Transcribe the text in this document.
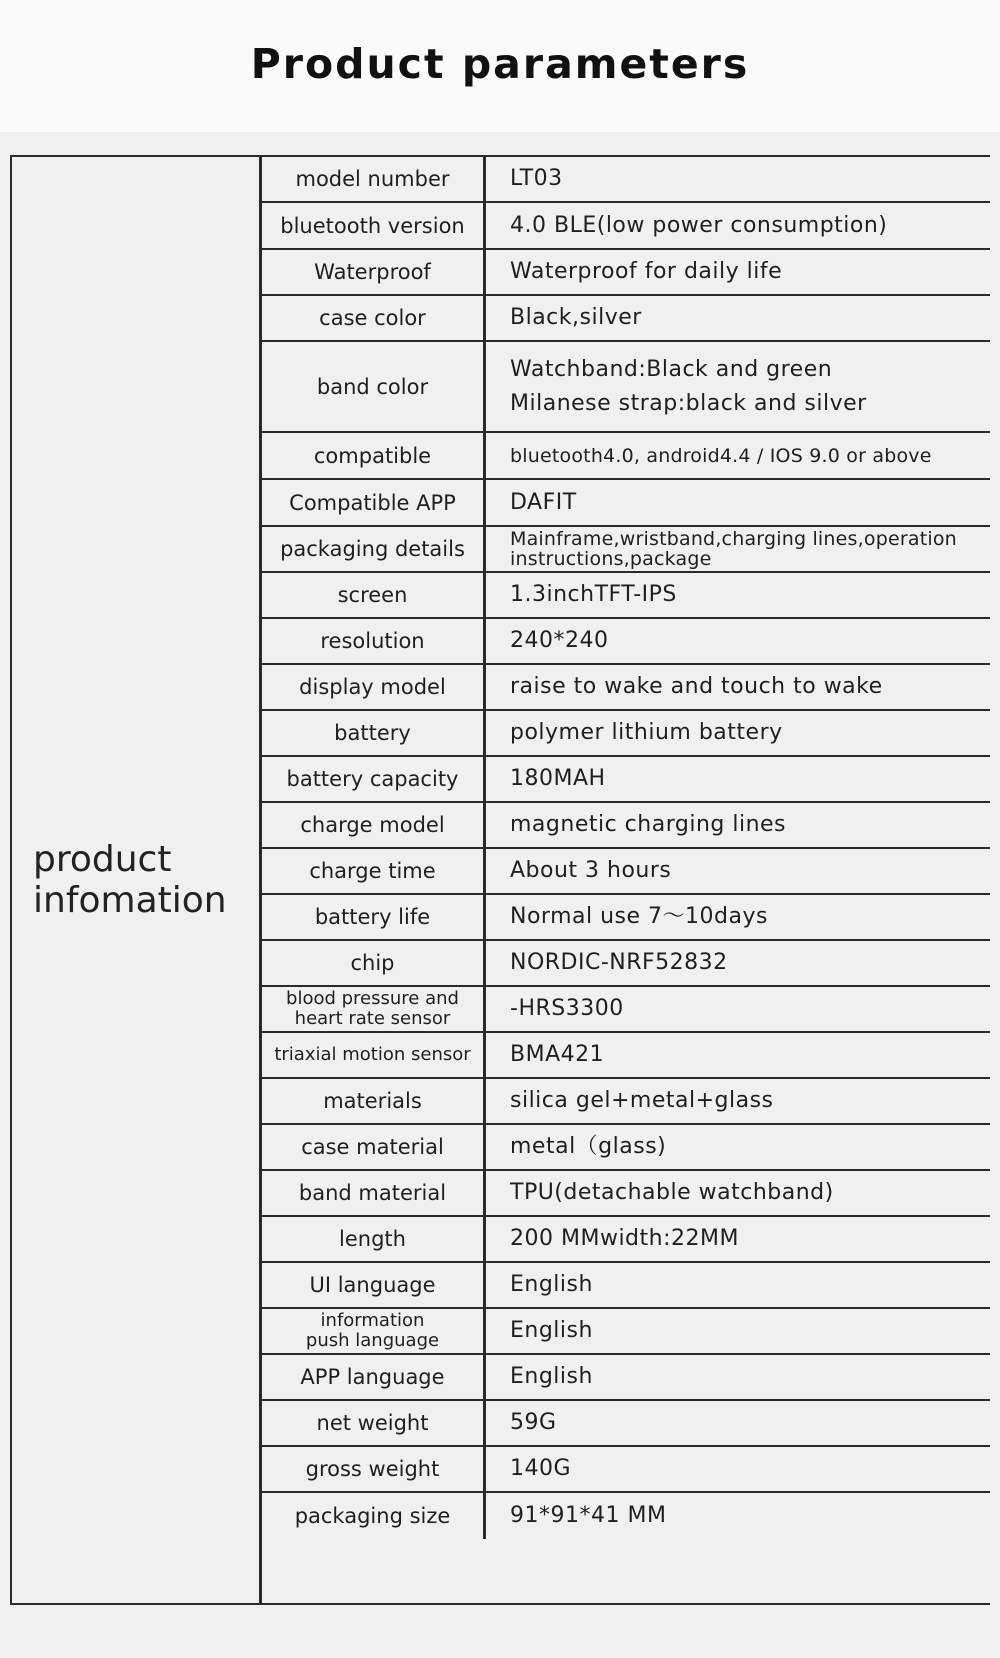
Product parameters
product
infomation
model number	LT03
bluetooth version	4.0 BLE(low power consumption)
Waterproof	Waterproof for daily life
case color	Black,silver
band color
Watchband:Black and green
Milanese strap:black and silver
compatible	bluetooth4.0, android4.4 / IOS 9.0 or above
Compatible APP	DAFIT
packaging details	Mainframe,wristband,charging lines,operation
instructions,package
screen	1.3inchTFT-IPS
resolution	240*240
display model	raise to wake and touch to wake
battery	polymer lithium battery
battery capacity	180MAH
charge model	magnetic charging lines
charge time	About 3 hours
battery life	Normal use 7～10days
chip	NORDIC-NRF52832
blood pressure and
heart rate sensor	-HRS3300
triaxial motion sensor	BMA421
materials	silica gel+metal+glass
case material	metal（glass)
band material	TPU(detachable watchband)
length	200 MMwidth:22MM
UI language	English
information
push language	English
APP language	English
net weight	59G
gross weight	140G
packaging size	91*91*41 MM
